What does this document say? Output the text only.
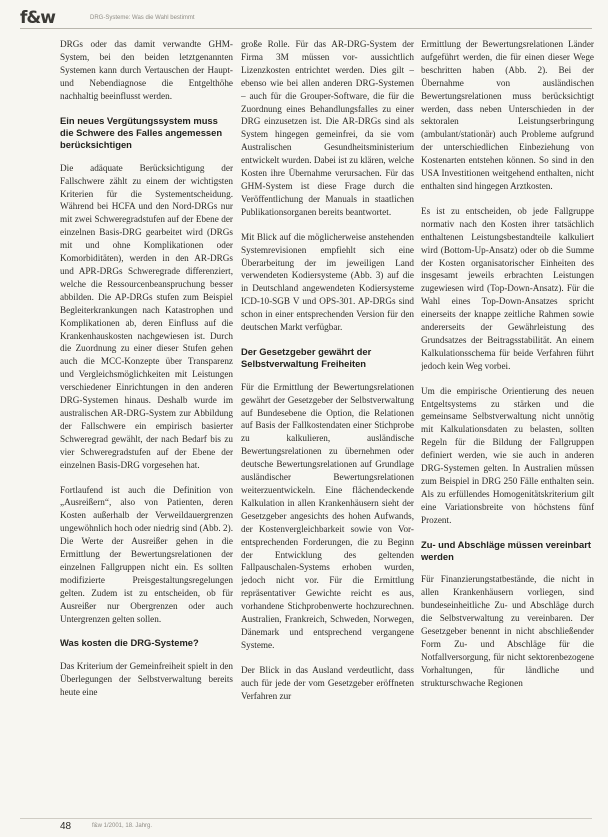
f&w	DRG-Systeme: Was die Wahl bestimmt

DRGs oder das damit verwandte GHM-System, bei den beiden letztgenannten Systemen kann durch Vertauschen der Haupt- und Nebendiagnose die Entgelthöhe nachhaltig beeinflusst werden.

Ein neues Vergütungssystem muss die Schwere des Falles angemessen berücksichtigen

Die adäquate Berücksichtigung der Fallschwere zählt zu einem der wichtigsten Kriterien für die Systementscheidung. Während bei HCFA und den Nord-DRGs nur mit zwei Schweregradstufen auf der Ebene der einzelnen Basis-DRG gearbeitet wird (DRGs mit und ohne Komplikationen oder Komorbiditäten), werden in den AR-DRGs und APR-DRGs Schweregrade differenziert, welche die Ressourcenbeanspruchung besser abbilden. Die AP-DRGs stufen zum Beispiel Begleiterkrankungen nach Katastrophen und Komplikationen ab, deren Einfluss auf die Krankenhauskosten nachgewiesen ist. Durch die Zuordnung zu einer dieser Stufen gehen auch die MCC-Konzepte über Transparenz und Vergleichsmöglichkeiten mit Leistungen verschiedener Einrichtungen in den anderen DRG-Systemen hinaus. Deshalb wurde im australischen AR-DRG-System zur Abbildung der Fallschwere ein empirisch basierter Schweregrad gewählt, der nach Bedarf bis zu vier Schweregradstufen auf der Ebene der einzelnen Basis-DRG vorgesehen hat.

Fortlaufend ist auch die Definition von „Ausreißern“, also von Patienten, deren Kosten außerhalb der Verweildauergrenzen ungewöhnlich hoch oder niedrig sind (Abb. 2). Die Werte der Ausreißer gehen in die Ermittlung der Bewertungsrelationen der einzelnen Fallgruppen nicht ein. Es sollten modifizierte Preisgestaltungsregelungen gelten. Zudem ist zu entscheiden, ob für Ausreißer nur Obergrenzen oder auch Untergrenzen gelten sollen.

Was kosten die DRG-Systeme?

Das Kriterium der Gemeinfreiheit spielt in den Überlegungen der Selbstverwaltung bereits heute eine

große Rolle. Für das AR-DRG-System der Firma 3M müssen vor- aussichtlich Lizenzkosten entrichtet werden. Dies gilt – ebenso wie bei allen anderen DRG-Systemen – auch für die Grouper-Software, die für die Zuordnung eines Behandlungsfalles zu einer DRG einzusetzen ist. Die AR-DRGs sind als System hingegen gemeinfrei, da sie vom Australischen Gesundheitsministerium entwickelt wurden. Dabei ist zu klären, welche Kosten ihre Übernahme verursachen. Für das GHM-System ist diese Frage durch die Veröffentlichung der Manuals in staatlichen Publikationsorganen bereits beantwortet.

Mit Blick auf die möglicherweise anstehenden Systemrevisionen empfiehlt sich eine Überarbeitung der im jeweiligen Land verwendeten Kodiersysteme (Abb. 3) auf die in Deutschland angewendeten Kodiersysteme ICD-10-SGB V und OPS-301. AP-DRGs sind schon in einer entsprechenden Version für den deutschen Markt verfügbar.

Der Gesetzgeber gewährt der Selbstverwaltung Freiheiten

Für die Ermittlung der Bewertungsrelationen gewährt der Gesetzgeber der Selbstverwaltung auf Bundesebene die Option, die Relationen auf Basis der Fallkostendaten einer Stichprobe zu kalkulieren, ausländische Bewertungsrelationen zu übernehmen oder deutsche Bewertungsrelationen auf Grundlage ausländischer Bewertungsrelationen weiterzuentwickeln. Eine flächendeckende Kalkulation in allen Krankenhäusern sieht der Gesetzgeber angesichts des hohen Aufwands, der Kostenvergleichbarkeit sowie von Vor-entsprechenden Forderungen, die zu Beginn der Entwicklung des geltenden Fallpauschalen-Systems erhoben wurden, jedoch nicht vor. Für die Ermittlung repräsentativer Gewichte reicht es aus, vorhandene Stichprobenwerte hochzurechnen. Australien, Frankreich, Schweden, Norwegen, Dänemark und entsprechend vergangene Systeme.

Der Blick in das Ausland verdeutlicht, dass auch für jede der vom Gesetzgeber eröffneten Verfahren zur

Ermittlung der Bewertungsrelationen Länder aufgeführt werden, die für einen dieser Wege beschritten haben (Abb. 2). Bei der Übernahme von ausländischen Bewertungsrelationen muss berücksichtigt werden, dass neben Unterschieden in der sektoralen Leistungserbringung (ambulant/stationär) auch Probleme aufgrund der unterschiedlichen Einbeziehung von Kostenarten entstehen können. So sind in den USA Investitionen weitgehend enthalten, nicht enthalten sind hingegen Arztkosten.

Es ist zu entscheiden, ob jede Fallgruppe normativ nach den Kosten ihrer tatsächlich enthaltenen Leistungsbestandteile kalkuliert wird (Bottom-Up-Ansatz) oder ob die Summe der Kosten organisatorischer Einheiten des insgesamt jeweils erbrachten Leistungen zugewiesen wird (Top-Down-Ansatz). Für die Wahl eines Top-Down-Ansatzes spricht einerseits der knappe zeitliche Rahmen sowie andererseits der Gewährleistung des Grundsatzes der Beitragsstabilität. An einem Kalkulationsschema für beide Verfahren führt jedoch kein Weg vorbei.

Um die empirische Orientierung des neuen Entgeltsystems zu stärken und die gemeinsame Selbstverwaltung nicht unnötig mit Kalkulationsdaten zu belasten, sollten Regeln für die Bildung der Fallgruppen definiert werden, wie sie auch in anderen DRG-Systemen gelten. In Australien müssen zum Beispiel in DRG 250 Fälle enthalten sein. Als zu erfüllendes Homogenitätskriterium gilt eine Variationsbreite von höchstens fünf Prozent.

Zu- und Abschläge müssen vereinbart werden

Für Finanzierungstatbestände, die nicht in allen Krankenhäusern vorliegen, sind bundeseinheitliche Zu- und Abschläge durch die Selbstverwaltung zu vereinbaren. Der Gesetzgeber benennt in nicht abschließender Form Zu- und Abschläge für die Notfallversorgung, für nicht sektorenbezogene Vorhaltungen, für ländliche und strukturschwache Regionen

48	f&w 1/2001, 18. Jahrg.
